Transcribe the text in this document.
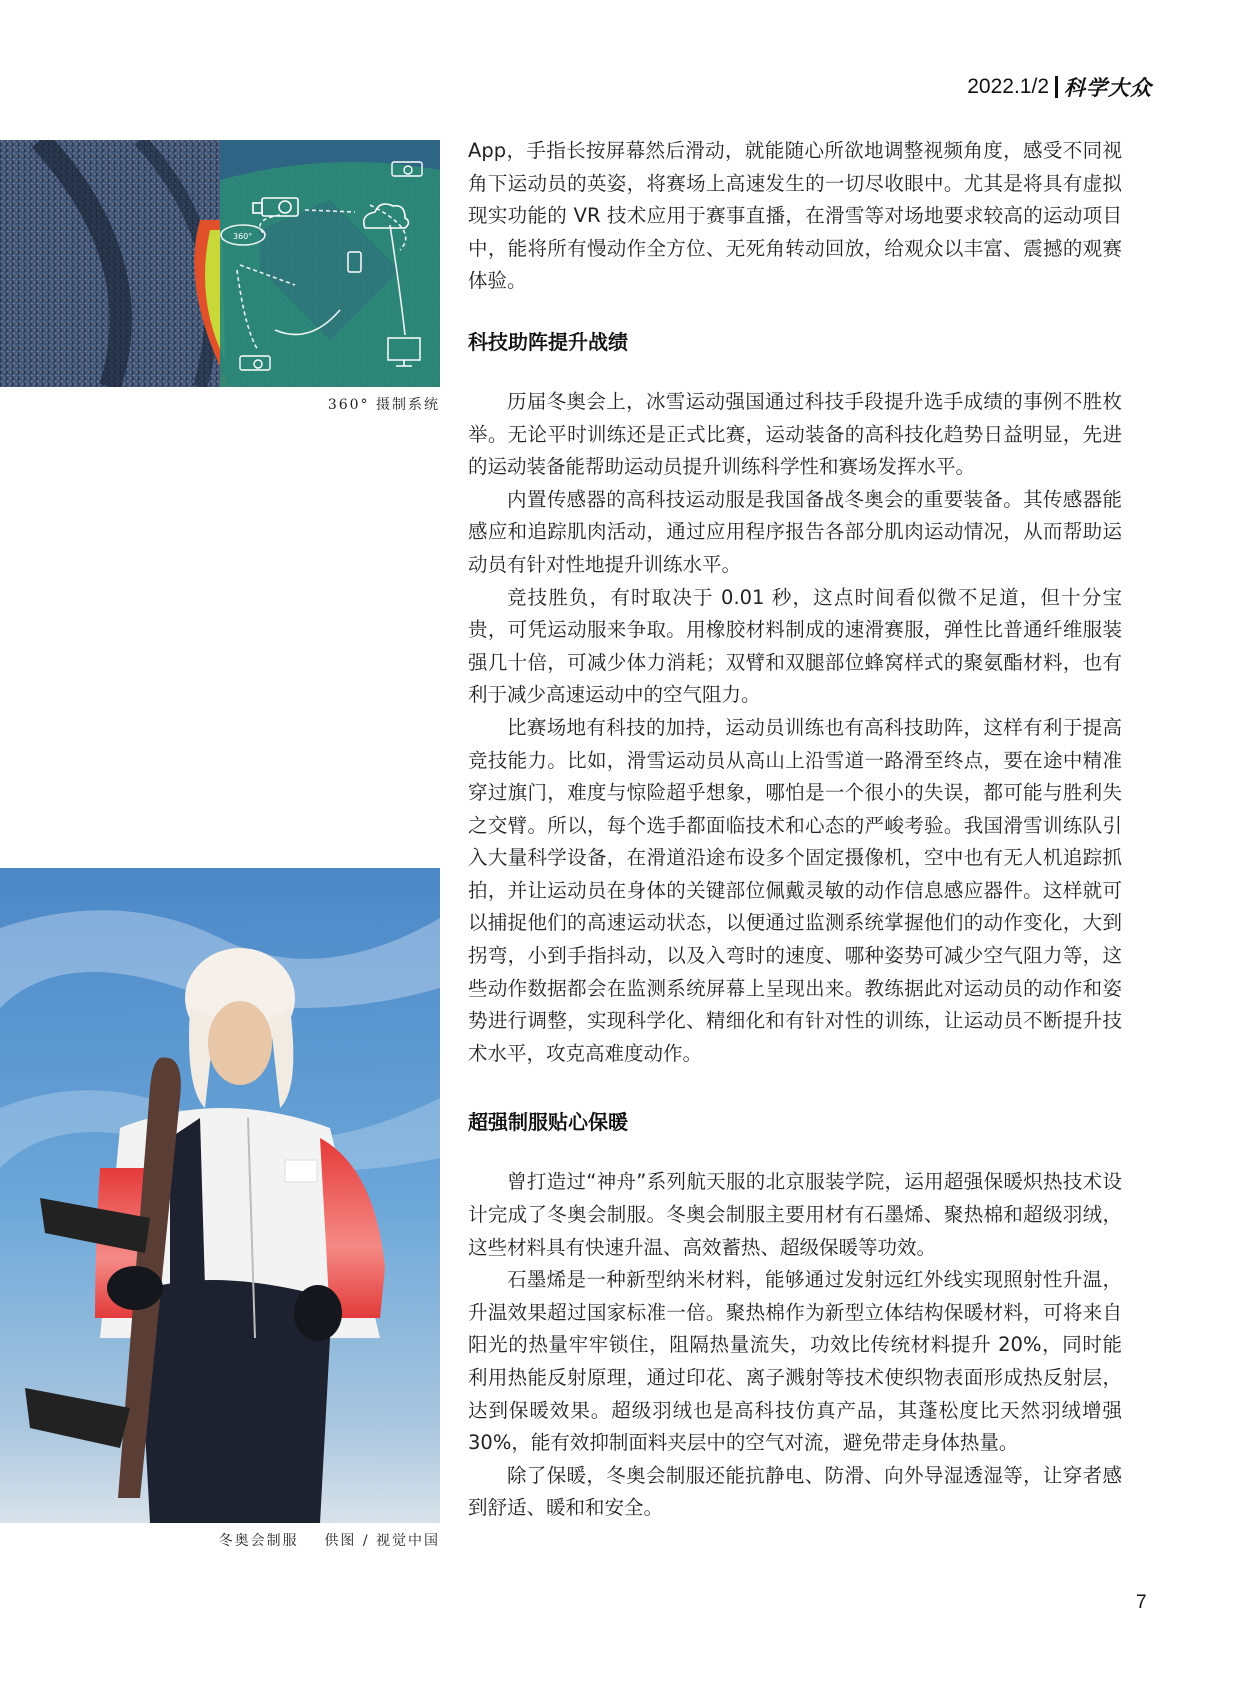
2022.1/2 科学大众
360°
360° 摄制系统
冬奥会制服    供图 / 视觉中国

App，手指长按屏幕然后滑动，就能随心所欲地调整视频角度，感受不同视角下运动员的英姿，将赛场上高速发生的一切尽收眼中。尤其是将具有虚拟现实功能的 VR 技术应用于赛事直播，在滑雪等对场地要求较高的运动项目中，能将所有慢动作全方位、无死角转动回放，给观众以丰富、震撼的观赛体验。

科技助阵提升战绩

历届冬奥会上，冰雪运动强国通过科技手段提升选手成绩的事例不胜枚举。无论平时训练还是正式比赛，运动装备的高科技化趋势日益明显，先进的运动装备能帮助运动员提升训练科学性和赛场发挥水平。

内置传感器的高科技运动服是我国备战冬奥会的重要装备。其传感器能感应和追踪肌肉活动，通过应用程序报告各部分肌肉运动情况，从而帮助运动员有针对性地提升训练水平。

竞技胜负，有时取决于 0.01 秒，这点时间看似微不足道，但十分宝贵，可凭运动服来争取。用橡胶材料制成的速滑赛服，弹性比普通纤维服装强几十倍，可减少体力消耗；双臂和双腿部位蜂窝样式的聚氨酯材料，也有利于减少高速运动中的空气阻力。

比赛场地有科技的加持，运动员训练也有高科技助阵，这样有利于提高竞技能力。比如，滑雪运动员从高山上沿雪道一路滑至终点，要在途中精准穿过旗门，难度与惊险超乎想象，哪怕是一个很小的失误，都可能与胜利失之交臂。所以，每个选手都面临技术和心态的严峻考验。我国滑雪训练队引入大量科学设备，在滑道沿途布设多个固定摄像机，空中也有无人机追踪抓拍，并让运动员在身体的关键部位佩戴灵敏的动作信息感应器件。这样就可以捕捉他们的高速运动状态，以便通过监测系统掌握他们的动作变化，大到拐弯，小到手指抖动，以及入弯时的速度、哪种姿势可减少空气阻力等，这些动作数据都会在监测系统屏幕上呈现出来。教练据此对运动员的动作和姿势进行调整，实现科学化、精细化和有针对性的训练，让运动员不断提升技术水平，攻克高难度动作。

超强制服贴心保暖

曾打造过“神舟”系列航天服的北京服装学院，运用超强保暖炽热技术设计完成了冬奥会制服。冬奥会制服主要用材有石墨烯、聚热棉和超级羽绒，这些材料具有快速升温、高效蓄热、超级保暖等功效。

石墨烯是一种新型纳米材料，能够通过发射远红外线实现照射性升温，升温效果超过国家标准一倍。聚热棉作为新型立体结构保暖材料，可将来自阳光的热量牢牢锁住，阻隔热量流失，功效比传统材料提升 20%，同时能利用热能反射原理，通过印花、离子溅射等技术使织物表面形成热反射层，达到保暖效果。超级羽绒也是高科技仿真产品，其蓬松度比天然羽绒增强 30%，能有效抑制面料夹层中的空气对流，避免带走身体热量。

除了保暖，冬奥会制服还能抗静电、防滑、向外导湿透湿等，让穿者感到舒适、暖和和安全。

7
